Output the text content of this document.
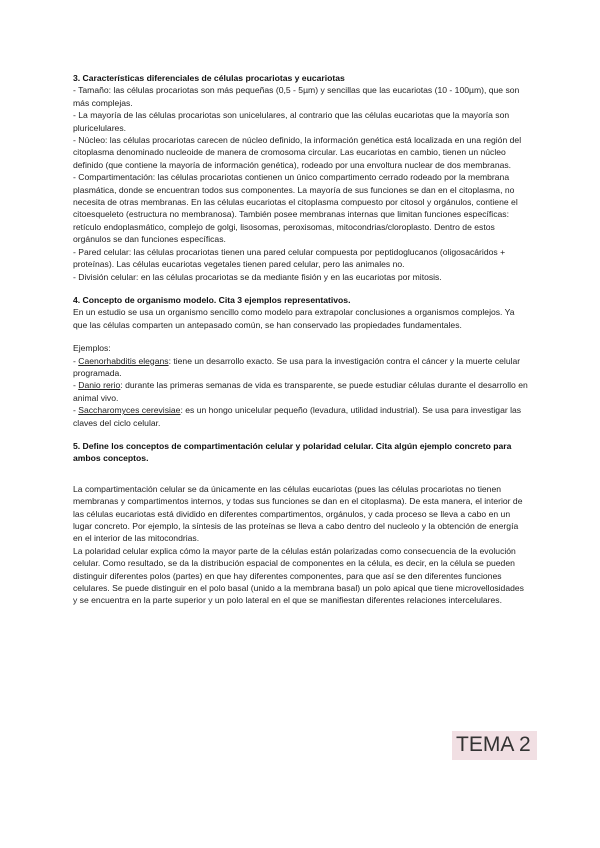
3. Características diferenciales de células procariotas y eucariotas

- Tamaño: las células procariotas son más pequeñas (0,5 - 5µm) y sencillas que las eucariotas (10 - 100µm), que son más complejas.

- La mayoría de las células procariotas son unicelulares, al contrario que las células eucariotas que la mayoría son pluricelulares.

- Núcleo: las células procariotas carecen de núcleo definido, la información genética está localizada en una región del citoplasma denominado nucleoide de manera de cromosoma circular. Las eucariotas en cambio, tienen un núcleo definido (que contiene la mayoría de información genética), rodeado por una envoltura nuclear de dos membranas.

- Compartimentación: las células procariotas contienen un único compartimento cerrado rodeado por la membrana plasmática, donde se encuentran todos sus componentes. La mayoría de sus funciones se dan en el citoplasma, no necesita de otras membranas. En las células eucariotas el citoplasma compuesto por citosol y orgánulos, contiene el citoesqueleto (estructura no membranosa). También posee membranas internas que limitan funciones específicas: retículo endoplasmático, complejo de golgi, lisosomas, peroxisomas, mitocondrias/cloroplasto. Dentro de estos orgánulos se dan funciones específicas.

- Pared celular: las células procariotas tienen una pared celular compuesta por peptidoglucanos (oligosacáridos + proteínas). Las células eucariotas vegetales tienen pared celular, pero las animales no.

- División celular: en las células procariotas se da mediante fisión y en las eucariotas por mitosis.

4. Concepto de organismo modelo. Cita 3 ejemplos representativos.

En un estudio se usa un organismo sencillo como modelo para extrapolar conclusiones a organismos complejos. Ya que las células comparten un antepasado común, se han conservado las propiedades fundamentales.

Ejemplos:

- Caenorhabditis elegans: tiene un desarrollo exacto. Se usa para la investigación contra el cáncer y la muerte celular programada.

- Danio rerio: durante las primeras semanas de vida es transparente, se puede estudiar células durante el desarrollo en animal vivo.

- Saccharomyces cerevisiae: es un hongo unicelular pequeño (levadura, utilidad industrial). Se usa para investigar las claves del ciclo celular.

5. Define los conceptos de compartimentación celular y polaridad celular. Cita algún ejemplo concreto para ambos conceptos.

La compartimentación celular se da únicamente en las células eucariotas (pues las células procariotas no tienen membranas y compartimentos internos, y todas sus funciones se dan en el citoplasma). De esta manera, el interior de las células eucariotas está dividido en diferentes compartimentos, orgánulos, y cada proceso se lleva a cabo en un lugar concreto. Por ejemplo, la síntesis de las proteínas se lleva a cabo dentro del nucleolo y la obtención de energía en el interior de las mitocondrias.

La polaridad celular explica cómo la mayor parte de la células están polarizadas como consecuencia de la evolución celular. Como resultado, se da la distribución espacial de componentes en la célula, es decir, en la célula se pueden distinguir diferentes polos (partes) en que hay diferentes componentes, para que así se den diferentes funciones celulares. Se puede distinguir en el polo basal (unido a la membrana basal) un polo apical que tiene microvellosidades y se encuentra en la parte superior y un polo lateral en el que se manifiestan diferentes relaciones intercelulares.

TEMA 2
